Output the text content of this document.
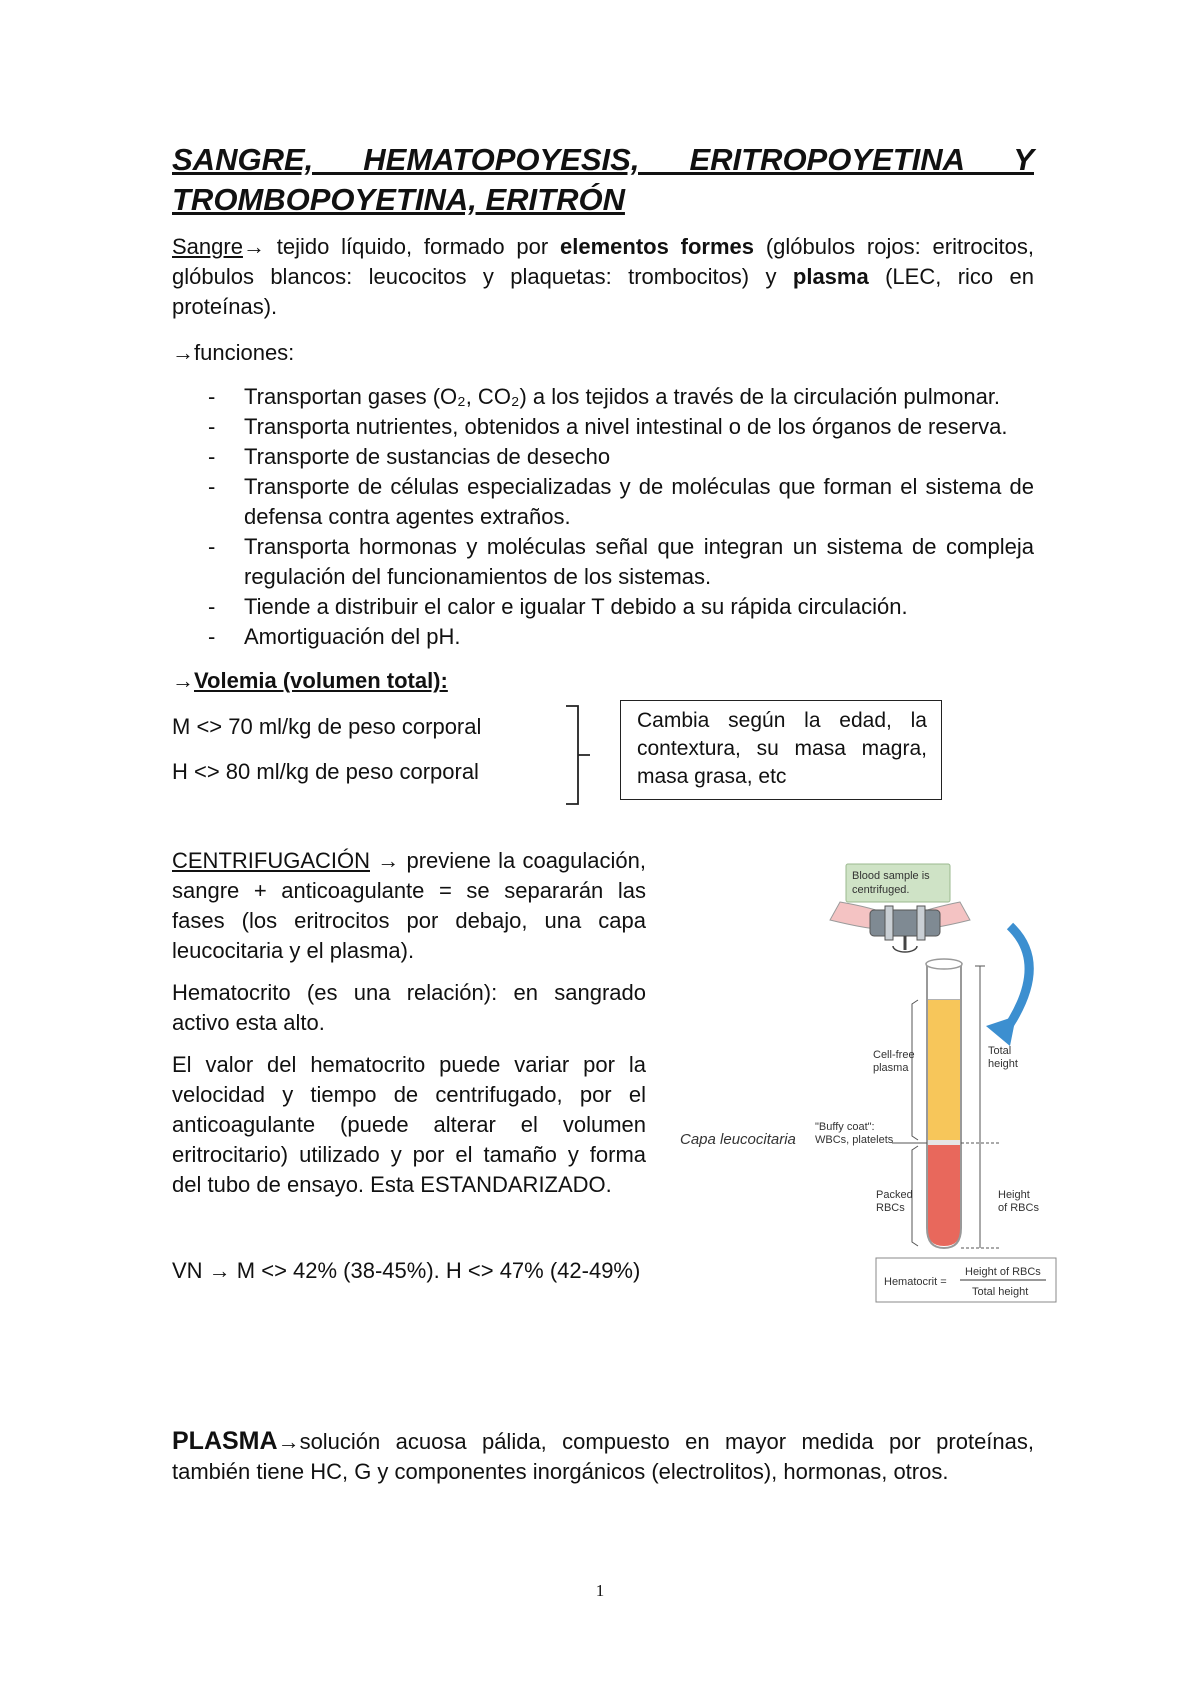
SANGRE, HEMATOPOYESIS, ERITROPOYETINA Y

TROMBOPOYETINA, ERITRÓN

Sangre→ tejido líquido, formado por elementos formes (glóbulos rojos: eritrocitos, glóbulos blancos: leucocitos y plaquetas: trombocitos) y plasma (LEC, rico en proteínas).

→funciones:

- Transportan gases (O₂, CO₂) a los tejidos a través de la circulación pulmonar.
- Transporta nutrientes, obtenidos a nivel intestinal o de los órganos de reserva.
- Transporte de sustancias de desecho
- Transporte de células especializadas y de moléculas que forman el sistema de defensa contra agentes extraños.
- Transporta hormonas y moléculas señal que integran un sistema de compleja regulación del funcionamientos de los sistemas.
- Tiende a distribuir el calor e igualar T debido a su rápida circulación.
- Amortiguación del pH.

→Volemia (volumen total):

M <> 70 ml/kg de peso corporal
H <> 80 ml/kg de peso corporal
Cambia según la edad, la contextura, su masa magra, masa grasa, etc

CENTRIFUGACIÓN → previene la coagulación, sangre + anticoagulante = se separarán las fases (los eritrocitos por debajo, una capa leucocitaria y el plasma).

Hematocrito (es una relación): en sangrado activo esta alto.

El valor del hematocrito puede variar por la velocidad y tiempo de centrifugado, por el anticoagulante (puede alterar el volumen eritrocitario) utilizado y por el tamaño y forma del tubo de ensayo. Esta ESTANDARIZADO.

VN → M <> 42% (38-45%). H <> 47% (42-49%)

Blood sample is
centrifuged.
Cell-free
plasma
Total
height
"Buffy coat":
WBCs, platelets
Capa leucocitaria
Packed
RBCs
Height
of RBCs
Hematocrit =
Height of RBCs
Total height

PLASMA→solución acuosa pálida, compuesto en mayor medida por proteínas, también tiene HC, G y componentes inorgánicos (electrolitos), hormonas, otros.

1
